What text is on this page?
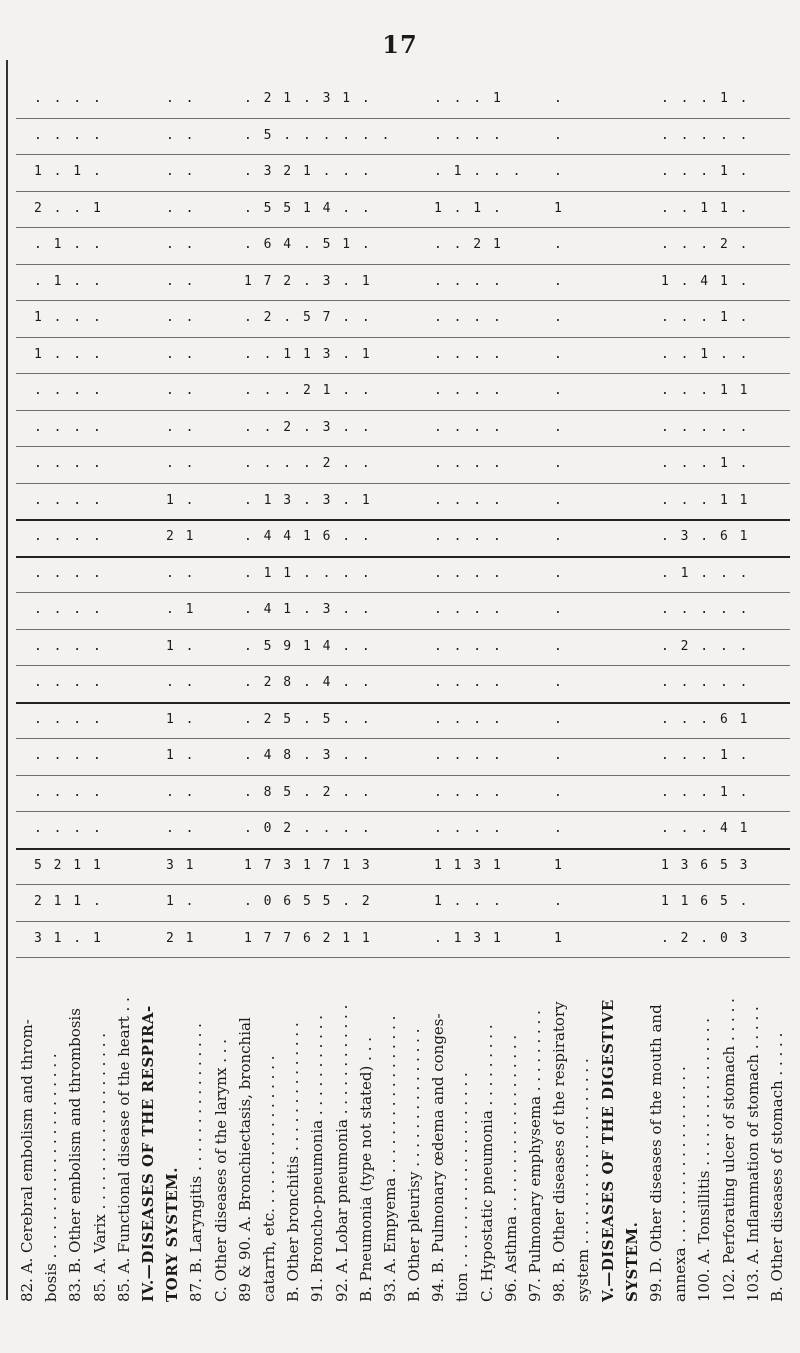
17
. . . .	. .	. 2 1 . 3 1 .	. . . 1	.	. . . 1 .
. . . .	. .	. 5 . . . . . .	. . . .	.	. . . . .
1 . 1 .	. .	. 3 2 1 . . .	. 1 . . . .	. . . 1 .
2 . . 1	. .	. 5 5 1 4 . .	1 . 1 .	1	. . 1 1 .
. 1 . .	. .	. 6 4 . 5 1 .	. . 2 1	.	. . . 2 .
. 1 . .	. .	1 7 2 . 3 . 1	. . . .	.	1 . 4 1 .
1 . . .	. .	. 2 . 5 7 . .	. . . .	.	. . . 1 .
1 . . .	. .	. . 1 1 3 . 1	. . . .	.	. . 1 . .
. . . .	. .	. . . 2 1 . .	. . . .	.	. . . 1 1
. . . .	. .	. . 2 . 3 . .	. . . .	.	. . . . .
. . . .	. .	. . . . 2 . .	. . . .	.	. . . 1 .
. . . .	1 .	. 1 3 . 3 . 1	. . . .	.	. . . 1 1
. . . .	2 1	. 4 4 1 6 . .	. . . .	.	. 3 . 6 1
. . . .	. .	. 1 1 . . . .	. . . .	.	. 1 . . .
. . . .	. 1	. 4 1 . 3 . .	. . . .	.	. . . . .
. . . .	1 .	. 5 9 1 4 . .	. . . .	.	. 2 . . .
. . . .	. .	. 2 8 . 4 . .	. . . .	.	. . . . .
. . . .	1 .	. 2 5 . 5 . .	. . . .	.	. . . 6 1
. . . .	1 .	. 4 8 . 3 . .	. . . .	.	. . . 1 .
. . . .	. .	. 8 5 . 2 . .	. . . .	.	. . . 1 .
. . . .	. .	. 0 2 . . . .	. . . .	.	. . . 4 1
5 2 1 1	3 1	1 7 3 1 7 1 3	1 1 3 1	1	1 3 6 5 3
2 1 1 .	1 .	. 0 6 5 5 . 2	1 . . .	.	1 1 6 5 .
3 1 . 1	2 1	1 7 7 6 2 1 1	. 1 3 1	1	. 2 . 0 3
82. A. Cerebral embolism and throm- bosis . . . . . . . . . . . . . . . . . . . . . . 83. B. Other embolism and thrombosis 85. A. Varix . . . . . . . . . . . . . . . . . . . 85. A. Functional disease of the heart . . IV.—DISEASES OF THE RESPIRA- TORY SYSTEM. 87. B. Laryngitis . . . . . . . . . . . . . . . . C. Other diseases of the larynx . . . 89 & 90. A. Bronchiectasis, bronchial catarrh, etc. . . . . . . . . . . . . . . . . B. Other bronchitis . . . . . . . . . . . . . . 91. Broncho-pneumonia . . . . . . . . . . . 92. A. Lobar pneumonia . . . . . . . . . . . . B. Pneumonia (type not stated) . . . 93. A. Empyema . . . . . . . . . . . . . . . . . B. Other pleurisy . . . . . . . . . . . . . . . 94. B. Pulmonary œdema and conges- tion . . . . . . . . . . . . . . . . . . . . . C. Hypostatic pneumonia . . . . . . . . . 96. Asthma . . . . . . . . . . . . . . . . . . . 97. Pulmonary emphysema . . . . . . . . . 98. B. Other diseases of the respiratory system . . . . . . . . . . . . . . . . . . . . V.—DISEASES OF THE DIGESTIVE SYSTEM. 99. D. Other diseases of the mouth and annexa . . . . . . . . . . . . . . . . . . . 100. A. Tonsillitis . . . . . . . . . . . . . . . . 102. Perforating ulcer of stomach . . . . . 103. A. Inflammation of stomach . . . . . B. Other diseases of stomach . . . . .
